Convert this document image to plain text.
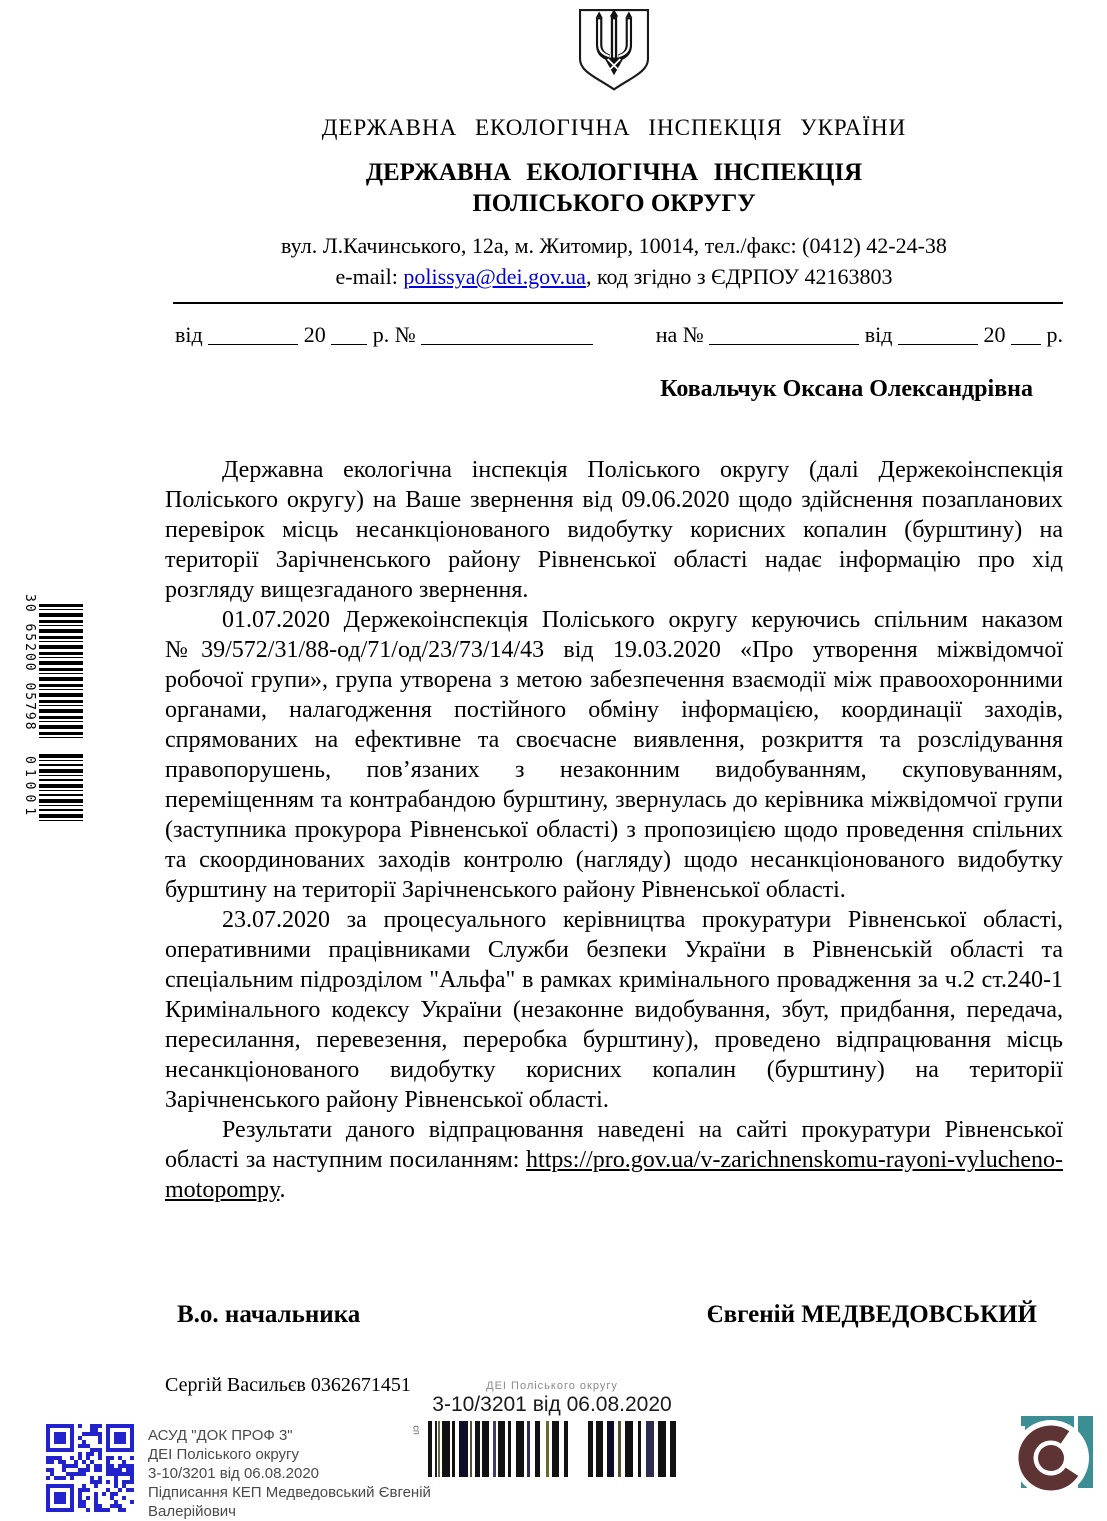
30 65200 05798
01001
ДЕРЖАВНА ЕКОЛОГІЧНА ІНСПЕКЦІЯ УКРАЇНИ
ДЕРЖАВНА ЕКОЛОГІЧНА ІНСПЕКЦІЯ
ПОЛІСЬКОГО ОКРУГУ
вул. Л.Качинського, 12а, м. Житомир, 10014, тел./факс: (0412) 42-24-38
e-mail: polissya@dei.gov.ua, код згідно з ЄДРПОУ 42163803
від	20 р. №	на №	від	20 р.
Ковальчук Оксана Олександрівна

Державна екологічна інспекція Поліського округу (далі Держекоінспекція Поліського округу) на Ваше звернення від 09.06.2020 щодо здійснення позапланових перевірок місць несанкціонованого видобутку корисних копалин (бурштину) на території Зарічненського району Рівненської області надає інформацію про хід розгляду вищезгаданого звернення.

01.07.2020 Держекоінспекція Поліського округу керуючись спільним наказом №39/572/31/88-од/71/од/23/73/14/43 від 19.03.2020 «Про утворення міжвідомчої робочої групи», група утворена з метою забезпечення взаємодії між правоохоронними органами, налагодження постійного обміну інформацією, координації заходів, спрямованих на ефективне та своєчасне виявлення, розкриття та розслідування правопорушень, пов’язаних з незаконним видобуванням, скуповуванням, переміщенням та контрабандою бурштину, звернулась до керівника міжвідомчої групи (заступника прокурора Рівненської області) з пропозицією щодо проведення спільних та скоординованих заходів контролю (нагляду) щодо несанкціонованого видобутку бурштину на території Зарічненського району Рівненської області.

23.07.2020 за процесуального керівництва прокуратури Рівненської області, оперативними працівниками Служби безпеки України в Рівненській області та спеціальним підрозділом "Альфа" в рамках кримінального провадження за ч.2 ст.240-1 Кримінального кодексу України (незаконне видобування, збут, придбання, передача, пересилання, перевезення, переробка бурштину), проведено відпрацювання місць несанкціонованого видобутку корисних копалин (бурштину) на території Зарічненського району Рівненської області.

Результати даного відпрацювання наведені на сайті прокуратури Рівненської області за наступним посиланням: https://pro.gov.ua/v-zarichnenskomu-rayoni-vylucheno-motopompy.

В.о. начальника	Євгеній МЕДВЕДОВСЬКИЙ
Сергій Васильєв 0362671451	ДЕІ Поліського округу
3-10/3201 від 06.08.2020
сп
АСУД "ДОК ПРОФ 3"
ДЕІ Поліського округу
3-10/3201 від 06.08.2020
Підписання КЕП Медведовський Євгеній
Валерійович
